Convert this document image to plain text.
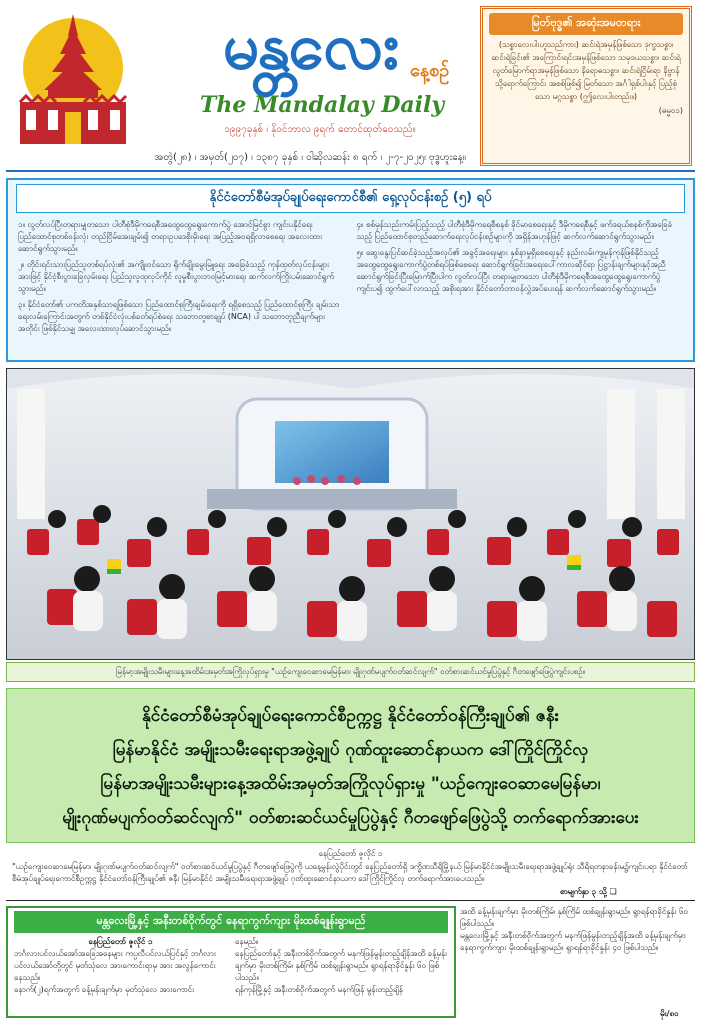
မန္တလေး နေ့စဉ်
The Mandalay Daily
၁၉၉၇ခုနှစ် ၊ နိုဝင်ဘာလ ၉ရက် တောင်ထုတ်ဝေသည်။
အတွဲ(၂၈) ၊ အမှတ်(၂၀၇) ၊ ၁၃၈၇ ခုနှစ် ၊ ဝါဆိုလဆန်း ၈ ရက် ၊ ၂-၇-၂၀၂၅၊ ဗုဒ္ဓဟူးနေ့။
မြတ်ဗုဒ္ဓ၏ အဆုံးအမတရား
(သစ္စာလေးပါးဟူသည်ကား) ဆင်းရဲအမှန်ဖြစ်သော ဒုက္ခသစ္စာ၊ ဆင်းရဲခြင်း၏ အကြောင်းရင်းအမှန်ဖြစ်သော သမုဒယသစ္စာ၊ ဆင်းရဲ လွတ်မြောက်ရာအမှန်ဖြစ်သော နိရောဓသစ္စာ၊ ဆင်းရဲငြိမ်းရာ နိဗ္ဗာန်သို့ရောက်ကြောင်း အစစ်ဖြစ်၍ မြတ်သော အင်္ဂါရှစ်ပါးနှင့် ပြည့်စုံသော မဂ္ဂသစ္စာ (ဤလေးပါးတည်း။)
(ဓမ္မ၀၁)
နိုင်ငံတော်စီမံအုပ်ချုပ်ရေးကောင်စီ၏ ရှေ့လုပ်ငန်းစဉ် (၅) ရပ်

၁။ လွတ်လပ်ပြီးတရားမျှတသော ပါတီစုံဒီမိုကရေစီအထွေထွေရွေးကောက်ပွဲ အောင်မြင်စွာ ကျင်းပနိုင်ရေး ပြည်ထောင်စုတစ်ဝန်းလုံး တည်ငြိမ်အေးချမ်း၍ တရားဥပဒေစိုးမိုးရေး အပြည့်အဝရရှိလာစေရေး အလေးထားဆောင်ရွက်သွားမည်။

၂။ တိုင်းရင်းသားပြည်သူတစ်ရပ်လုံး၏ အကျိုးဝင်သော ရိုက်ချိုးမွေးမြူရေး အခြေခံသည့် ကုန်ထုတ်လုပ်ငန်းများအားဖြင့် နိုင်ငံ့စီးပွားခြေလှမ်းရေး ပြည်သူလူထုလုပ်ကိုင် လူမှုစီးပွားဘဝမြင့်မားရေး ဆက်လက်ကြိုးပမ်းဆောင်ရွက်သွားမည်။

၃။ နိုင်ငံတော်၏ ပကတိအနှစ်သာရဖြစ်သော ပြည်ထောင်စုကြီးချမ်းရေးကို ရရှိစေသည့် ပြည်ထောင်စုကြီး ချမ်းသာရေးလမ်းကြောင်းအတွက် တစ်နိုင်ငံလုံးပစ်ခတ်ရပ်စဲရေး သဘောတူစာချုပ် (NCA) ပါ သဘောတူညီချက်များ အတိုင်း ဖြစ်နိုင်သမျှ အလေးထားလုပ်ဆောင်သွားမည်။

၄။ စစ်မှန်သည်းကမ်းပြည့်သည့် ပါတီစုံဒီမိုကရေစီစနစ် ခိုင်မာစေရေးနှင့် ဒီမိုကရေစီနှင့် ဖက်ဒရယ်စနစ်ကိုအခြေခံသည့် ပြည်ထောင်စုတည်ဆောက်ရေးလုပ်ငန်းစဉ်များကို အရှိန်အဟုန်ဖြင့် ဆက်လက်ဆောင်ရွက်သွားမည်။

၅။ ဆွေးနွေးပြင်ဆင်ခဲ့သည့်အလုပ်၏ အခွင့်အရေးများ နှစ်နာမှုရှိစေရေးနှင့် နည်းလမ်းကျမှန်ကုန်ဖြစ်နိုင်သည့် အထွေထွေရွေးကောက်ပွဲတစ်ရပ်ဖြစ်စေရေး ဆောင်ရွက်ခြင်းအရေးပေါ်ကာလဆိုင်ရာ ပြဋ္ဌာန်းချက်များနှင့်အညီ ဆောင်ရွက်ခြင်းပြီးမြောက်ပြီးပါက လွတ်လပ်ပြီး တရားမျှတသော ပါတီစုံဒီမိုကရေစီအထွေထွေရွေးကောက်ပွဲ ကျင်းပ၍ ထွက်ပေါ်လာသည့် အစိုးရအား နိုင်ငံတော်တာဝန်လွှဲအပ်ပေးရန် ဆက်လက်ဆောင်ရွက်သွားမည်။

မြန်မာ့အမျိုးသမီးများနေ့အထိမ်းအမှတ်အကြိုလုပ်ရှားမှု "ယဉ်ကျေးဝေဆာမေမြန်မာ၊ မျိုးဂုဏ်မပျက်ဝတ်ဆင်လျက်" ဝတ်စားဆင်ယင်မှုပြပွဲနှင့် ဂီတဖျော်ဖြေပွဲကျင်းပစဉ်။

နိုင်ငံတော်စီမံအုပ်ချုပ်ရေးကောင်စီဥက္ကဋ္ဌ နိုင်ငံတော်ဝန်ကြီးချုပ်၏ ဇနီး

မြန်မာနိုင်ငံ အမျိုးသမီးရေးရာအဖွဲ့ချုပ် ဂုဏ်ထူးဆောင်နာယက ဒေါ်ကြိုင်ကြိုင်လှ

မြန်မာအမျိုးသမီးများနေ့အထိမ်းအမှတ်အကြိုလုပ်ရှားမှု "ယဉ်ကျေးဝေဆာမေမြန်မာ၊

မျိုးဂုဏ်မပျက်ဝတ်ဆင်လျက်" ဝတ်စားဆင်ယင်မှုပြပွဲနှင့် ဂီတဖျော်ဖြေပွဲသို့ တက်ရောက်အားပေး

နေပြည်တော် ဇူလိုင် ၁
"ယဉ်ကျေးဝေဆာမေမြန်မာ၊ မျိုးဂုဏ်မပျက်ဝတ်ဆင်လျက်" ဝတ်စားဆင်ယင်မှုပြပွဲနှင့် ဂီတဖျော်ဖြေပွဲကို ယနေ့မွန်းလွဲပိုင်းတွင် နေပြည်တော်ရှိ ဒက္ခိဏသီရိမြို့နယ် မြန်မာနိုင်ငံအမျိုးသမီးရေးရာအဖွဲ့ချုပ်ရုံး သီရိရတနာခန်းမ၌ကျင်းပရာ နိုင်ငံတော်စီမံအုပ်ချုပ်ရေးကောင်စီဥက္ကဋ္ဌ နိုင်ငံတော်ဝန်ကြီးချုပ်၏ ဇနီး မြန်မာနိုင်ငံ အမျိုးသမီးရေးရာအဖွဲ့ချုပ် ဂုဏ်ထူးဆောင်နာယက ဒေါ်ကြိုင်ကြိုင်လှ တက်ရောက်အားပေးသည်။
စာမျက်နှာ ၃ သို့ ❏
မန္တလေးမြို့နှင့် အနီးတစ်ဝိုက်တွင် နေရာကွက်ကျား မိုးထစ်ချုန်းရွာမည်

နေပြည်တော် ဇူလိုင် ၁

ဘင်္ဂလားပင်လယ်အော်အခြေအနေများ ကပ္ပလီပင်လယ်ပြင်နှင့် ဘင်္ဂလားပင်လယ်အော်တို့တွင် မုတ်သုံလေ အားကောင်းရာမှ အား အလွန်ကောင်းနေသည်။

နောက်(၂)ရက်အတွက် ခန့်မှန်းချက်မှာ မုတ်သုံလေ အားကောင်း

နေမည်။

နေပြည်တော်နှင့် အနီးတစ်ဝိုက်အတွက် မနက်ဖြန်မွန်းတည့်ချိန်အထိ ခန့်မှန်းချက်မှာ မိုးတစ်ကြိမ်၊ နှစ်ကြိမ် ထစ်ချုန်းရွာမည်။ ရွာရန်ရာခိုင်နှုန်း ၆၀ ဖြစ်ပါသည်။

ရန်ကုန်မြို့နှင့် အနီးတစ်ဝိုက်အတွက် မနက်ဖြန် မွန်းတည့်ချိန်

အထိ ခန့်မှန်းချက်မှာ မိုးတစ်ကြိမ်၊ နှစ်ကြိမ် ထစ်ချုန်းရွာမည်။ ရွာရန်ရာခိုင်နှုန်း ၆၀ ဖြစ်ပါသည်။

မန္တလေးမြို့နှင့် အနီးတစ်ဝိုက်အတွက် မနက်ဖြန်မွန်းတည့်ချိန်အထိ ခန့်မှန်းချက်မှာ နေရာကွက်ကျား မိုးထစ်ချုန်းရွာမည်။ ရွာရန်ရာခိုင်နှုန်း ၄၀ ဖြစ်ပါသည်။

မိုး/၈၀
